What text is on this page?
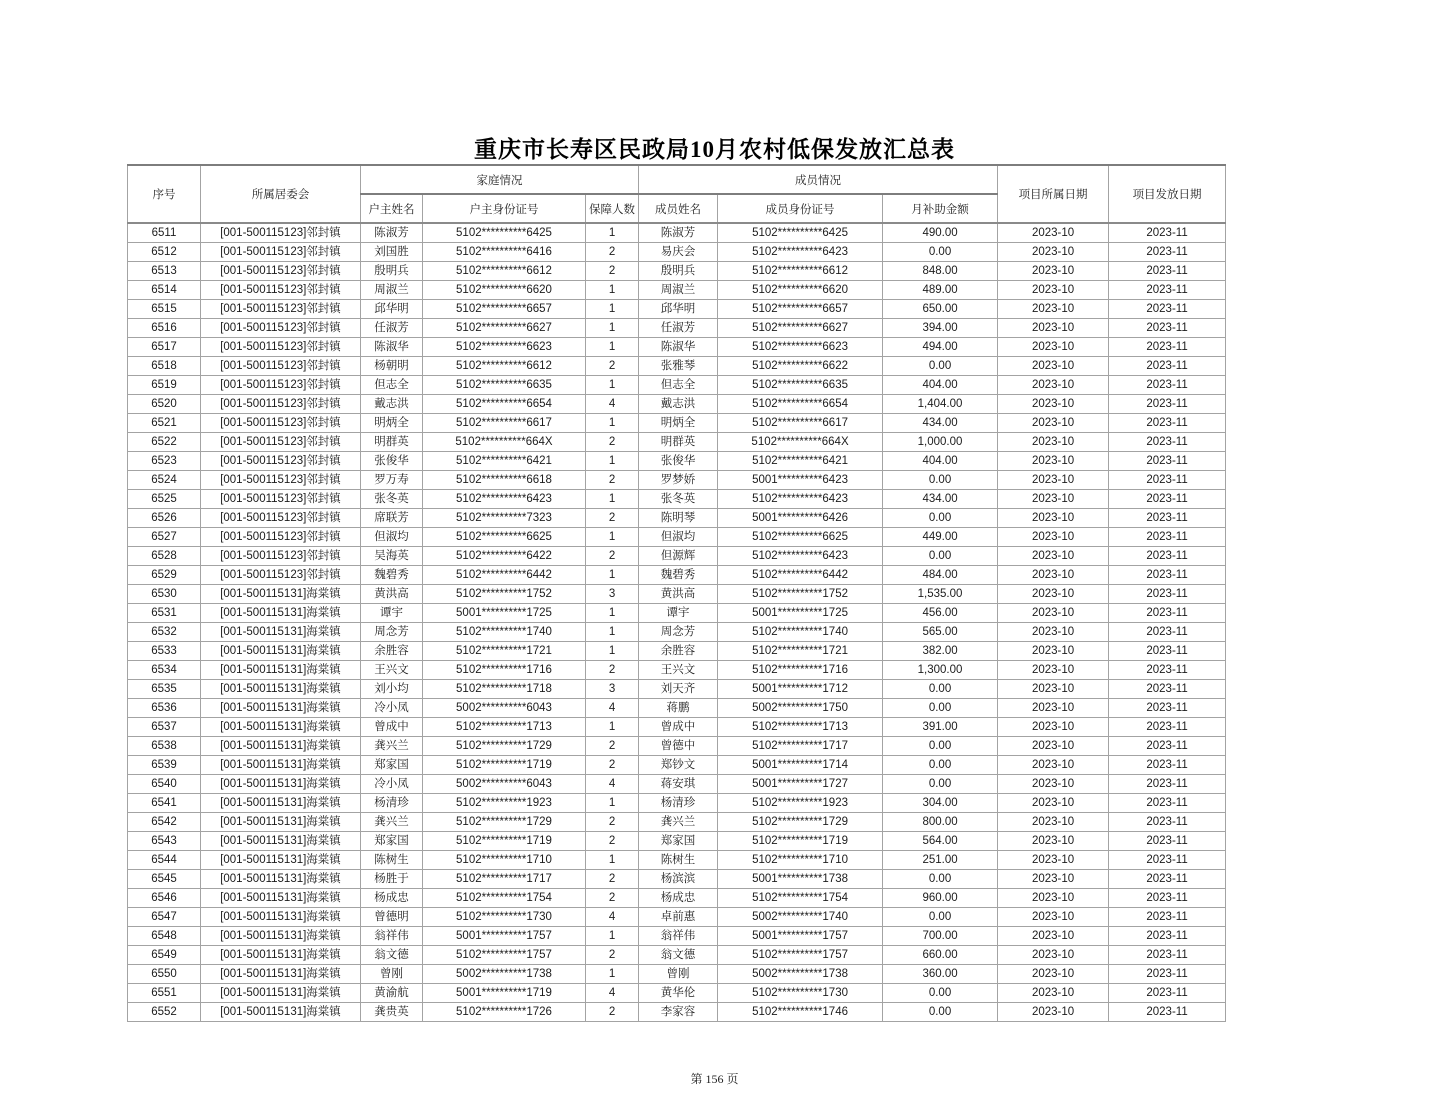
重庆市长寿区民政局10月农村低保发放汇总表
序号	所属居委会	家庭情况			成员情况			项目所属日期	项目发放日期
		户主姓名	户主身份证号	保障人数	成员姓名	成员身份证号	月补助金额		
6511	[001-500115123]邻封镇	陈淑芳	5102**********6425	1	陈淑芳	5102**********6425	490.00	2023-10	2023-11
6512	[001-500115123]邻封镇	刘国胜	5102**********6416	2	易庆会	5102**********6423	0.00	2023-10	2023-11
6513	[001-500115123]邻封镇	殷明兵	5102**********6612	2	殷明兵	5102**********6612	848.00	2023-10	2023-11
6514	[001-500115123]邻封镇	周淑兰	5102**********6620	1	周淑兰	5102**********6620	489.00	2023-10	2023-11
6515	[001-500115123]邻封镇	邱华明	5102**********6657	1	邱华明	5102**********6657	650.00	2023-10	2023-11
6516	[001-500115123]邻封镇	任淑芳	5102**********6627	1	任淑芳	5102**********6627	394.00	2023-10	2023-11
6517	[001-500115123]邻封镇	陈淑华	5102**********6623	1	陈淑华	5102**********6623	494.00	2023-10	2023-11
6518	[001-500115123]邻封镇	杨朝明	5102**********6612	2	张雅琴	5102**********6622	0.00	2023-10	2023-11
6519	[001-500115123]邻封镇	但志全	5102**********6635	1	但志全	5102**********6635	404.00	2023-10	2023-11
6520	[001-500115123]邻封镇	戴志洪	5102**********6654	4	戴志洪	5102**********6654	1,404.00	2023-10	2023-11
6521	[001-500115123]邻封镇	明炳全	5102**********6617	1	明炳全	5102**********6617	434.00	2023-10	2023-11
6522	[001-500115123]邻封镇	明群英	5102**********664X	2	明群英	5102**********664X	1,000.00	2023-10	2023-11
6523	[001-500115123]邻封镇	张俊华	5102**********6421	1	张俊华	5102**********6421	404.00	2023-10	2023-11
6524	[001-500115123]邻封镇	罗万寿	5102**********6618	2	罗梦娇	5001**********6423	0.00	2023-10	2023-11
6525	[001-500115123]邻封镇	张冬英	5102**********6423	1	张冬英	5102**********6423	434.00	2023-10	2023-11
6526	[001-500115123]邻封镇	席联芳	5102**********7323	2	陈明琴	5001**********6426	0.00	2023-10	2023-11
6527	[001-500115123]邻封镇	但淑均	5102**********6625	1	但淑均	5102**********6625	449.00	2023-10	2023-11
6528	[001-500115123]邻封镇	吴海英	5102**********6422	2	但源辉	5102**********6423	0.00	2023-10	2023-11
6529	[001-500115123]邻封镇	魏碧秀	5102**********6442	1	魏碧秀	5102**********6442	484.00	2023-10	2023-11
6530	[001-500115131]海棠镇	黄洪高	5102**********1752	3	黄洪高	5102**********1752	1,535.00	2023-10	2023-11
6531	[001-500115131]海棠镇	谭宇	5001**********1725	1	谭宇	5001**********1725	456.00	2023-10	2023-11
6532	[001-500115131]海棠镇	周念芳	5102**********1740	1	周念芳	5102**********1740	565.00	2023-10	2023-11
6533	[001-500115131]海棠镇	余胜容	5102**********1721	1	余胜容	5102**********1721	382.00	2023-10	2023-11
6534	[001-500115131]海棠镇	王兴文	5102**********1716	2	王兴文	5102**********1716	1,300.00	2023-10	2023-11
6535	[001-500115131]海棠镇	刘小均	5102**********1718	3	刘天齐	5001**********1712	0.00	2023-10	2023-11
6536	[001-500115131]海棠镇	冷小凤	5002**********6043	4	蒋鹏	5002**********1750	0.00	2023-10	2023-11
6537	[001-500115131]海棠镇	曾成中	5102**********1713	1	曾成中	5102**********1713	391.00	2023-10	2023-11
6538	[001-500115131]海棠镇	龚兴兰	5102**********1729	2	曾德中	5102**********1717	0.00	2023-10	2023-11
6539	[001-500115131]海棠镇	郑家国	5102**********1719	2	郑钞文	5001**********1714	0.00	2023-10	2023-11
6540	[001-500115131]海棠镇	冷小凤	5002**********6043	4	蒋安琪	5001**********1727	0.00	2023-10	2023-11
6541	[001-500115131]海棠镇	杨清珍	5102**********1923	1	杨清珍	5102**********1923	304.00	2023-10	2023-11
6542	[001-500115131]海棠镇	龚兴兰	5102**********1729	2	龚兴兰	5102**********1729	800.00	2023-10	2023-11
6543	[001-500115131]海棠镇	郑家国	5102**********1719	2	郑家国	5102**********1719	564.00	2023-10	2023-11
6544	[001-500115131]海棠镇	陈树生	5102**********1710	1	陈树生	5102**********1710	251.00	2023-10	2023-11
6545	[001-500115131]海棠镇	杨胜于	5102**********1717	2	杨滨滨	5001**********1738	0.00	2023-10	2023-11
6546	[001-500115131]海棠镇	杨成忠	5102**********1754	2	杨成忠	5102**********1754	960.00	2023-10	2023-11
6547	[001-500115131]海棠镇	曾德明	5102**********1730	4	卓前惠	5002**********1740	0.00	2023-10	2023-11
6548	[001-500115131]海棠镇	翁祥伟	5001**********1757	1	翁祥伟	5001**********1757	700.00	2023-10	2023-11
6549	[001-500115131]海棠镇	翁文德	5102**********1757	2	翁文德	5102**********1757	660.00	2023-10	2023-11
6550	[001-500115131]海棠镇	曾刚	5002**********1738	1	曾刚	5002**********1738	360.00	2023-10	2023-11
6551	[001-500115131]海棠镇	黄渝航	5001**********1719	4	黄华伦	5102**********1730	0.00	2023-10	2023-11
6552	[001-500115131]海棠镇	龚贵英	5102**********1726	2	李家容	5102**********1746	0.00	2023-10	2023-11
第 156 页
